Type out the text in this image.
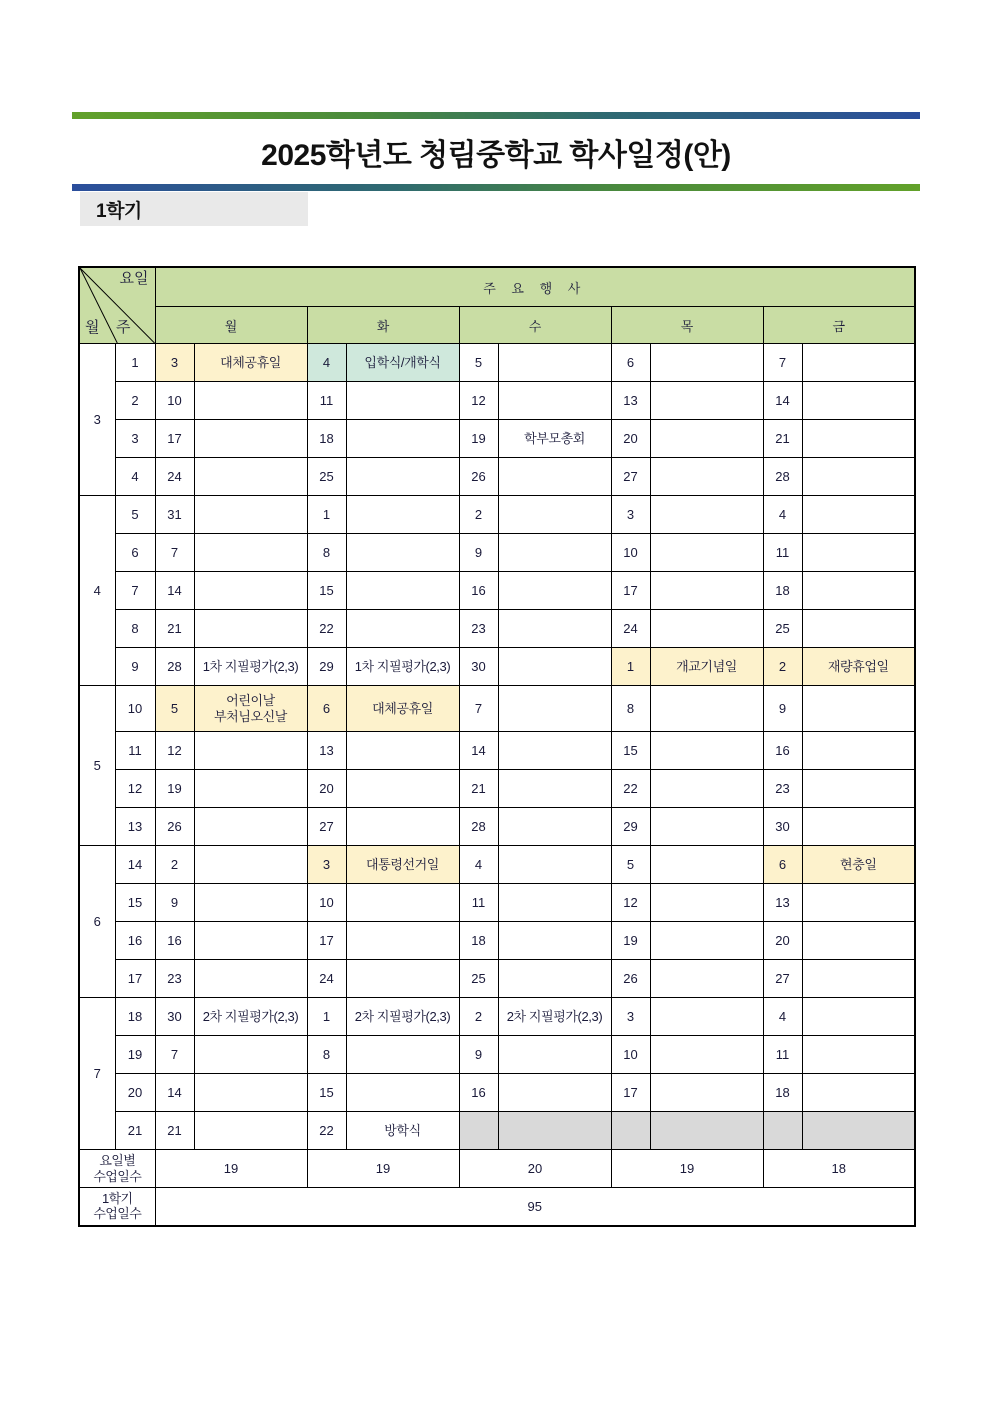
2025학년도 청림중학교 학사일정(안)
1학기
요일
월 주		주 요 행 사									
		월		화		수		목		금	
3	1	3	대체공휴일	4	입학식/개학식	5		6		7	
	2	10		11		12		13		14	
	3	17		18		19	학부모총회	20		21	
	4	24		25		26		27		28	
4	5	31		1		2		3		4	
	6	7		8		9		10		11	
	7	14		15		16		17		18	
	8	21		22		23		24		25	
	9	28	1차 지필평가(2,3)	29	1차 지필평가(2,3)	30		1	개교기념일	2	재량휴업일
5	10	5	어린이날
부처님오신날	6	대체공휴일	7		8		9	
	11	12		13		14		15		16	
	12	19		20		21		22		23	
	13	26		27		28		29		30	
6	14	2		3	대통령선거일	4		5		6	현충일
	15	9		10		11		12		13	
	16	16		17		18		19		20	
	17	23		24		25		26		27	
7	18	30	2차 지필평가(2,3)	1	2차 지필평가(2,3)	2	2차 지필평가(2,3)	3		4	
	19	7		8		9		10		11	
	20	14		15		16		17		18	
	21	21		22	방학식						
요일별
수업일수		19		19		20		19		18	
1학기
수업일수		95									
